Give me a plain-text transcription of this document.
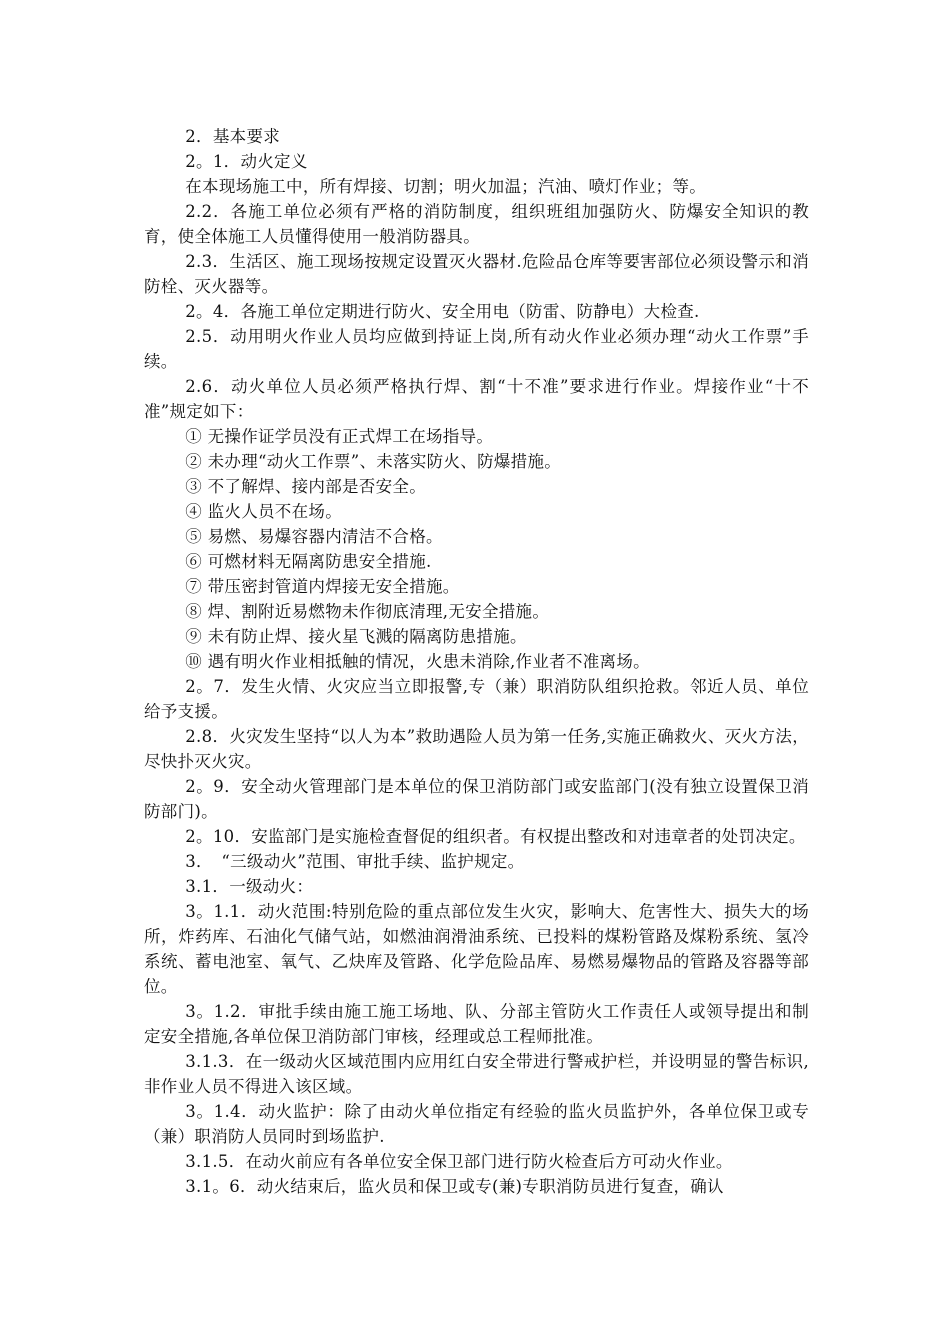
2．基本要求

2。1．动火定义

在本现场施工中，所有焊接、切割；明火加温；汽油、喷灯作业；等。

2.2．各施工单位必须有严格的消防制度，组织班组加强防火、防爆安全知识的教育，使全体施工人员懂得使用一般消防器具。

2.3．生活区、施工现场按规定设置灭火器材.危险品仓库等要害部位必须设警示和消防栓、灭火器等。

2。4．各施工单位定期进行防火、安全用电（防雷、防静电）大检查.

2.5．动用明火作业人员均应做到持证上岗,所有动火作业必须办理“动火工作票”手续。

2.6．动火单位人员必须严格执行焊、割“十不准”要求进行作业。焊接作业“十不准”规定如下：

① 无操作证学员没有正式焊工在场指导。

② 未办理“动火工作票”、未落实防火、防爆措施。

③ 不了解焊、接内部是否安全。

④ 监火人员不在场。

⑤ 易燃、易爆容器内清洁不合格。

⑥ 可燃材料无隔离防患安全措施.

⑦ 带压密封管道内焊接无安全措施。

⑧ 焊、割附近易燃物未作彻底清理,无安全措施。

⑨ 未有防止焊、接火星飞溅的隔离防患措施。

⑩ 遇有明火作业相抵触的情况，火患未消除,作业者不准离场。

2。7．发生火情、火灾应当立即报警,专（兼）职消防队组织抢救。邻近人员、单位给予支援。

2.8．火灾发生坚持“以人为本”救助遇险人员为第一任务,实施正确救火、灭火方法，尽快扑灭火灾。

2。9．安全动火管理部门是本单位的保卫消防部门或安监部门(没有独立设置保卫消防部门)。

2。10．安监部门是实施检查督促的组织者。有权提出整改和对违章者的处罚决定。

3．　“三级动火”范围、审批手续、监护规定。

3.1．一级动火：

3。1.1．动火范围:特别危险的重点部位发生火灾，影响大、危害性大、损失大的场所，炸药库、石油化气储气站，如燃油润滑油系统、已投料的煤粉管路及煤粉系统、氢冷系统、蓄电池室、氧气、乙炔库及管路、化学危险品库、易燃易爆物品的管路及容器等部位。

3。1.2．审批手续由施工施工场地、队、分部主管防火工作责任人或领导提出和制定安全措施,各单位保卫消防部门审核，经理或总工程师批准。

3.1.3．在一级动火区域范围内应用红白安全带进行警戒护栏，并设明显的警告标识,非作业人员不得进入该区域。

3。1.4．动火监护：除了由动火单位指定有经验的监火员监护外，各单位保卫或专（兼）职消防人员同时到场监护.

3.1.5．在动火前应有各单位安全保卫部门进行防火检查后方可动火作业。

3.1。6．动火结束后，监火员和保卫或专(兼)专职消防员进行复查，确认
